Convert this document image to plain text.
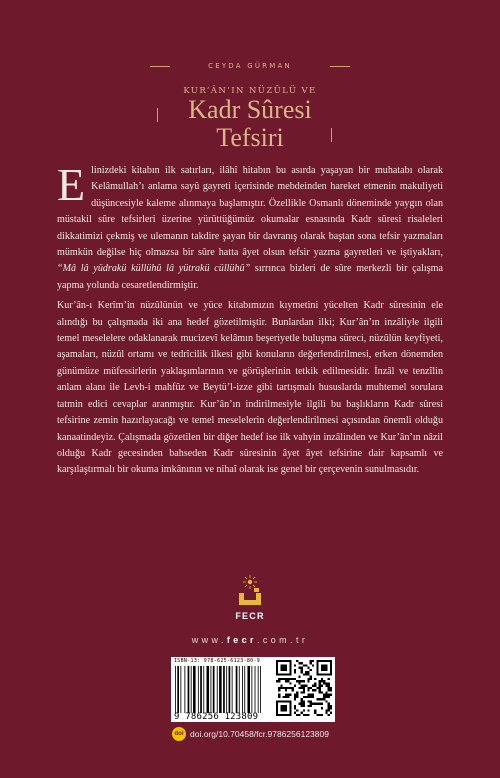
CEYDA GÜRMAN
KUR’ÂN’IN NÜZÛLÜ VE
Kadr Sûresi
Tefsiri

Elinizdeki kitabın ilk satırları, ilâhî hitabın bu asırda yaşayan bir muhatabı olarak Kelâmullah’ı anlama sayû gayreti içerisinde mebdeinden hareket etmenin makuliyeti düşüncesiyle kaleme alınmaya başlamıştır. Özellikle Osmanlı döneminde yaygın olan müstakil sûre tefsirleri üzerine yürüttüğümüz okumalar esnasında Kadr sûresi risaleleri dikkatimizi çekmiş ve ulemanın takdire şayan bir davranış olarak baştan sona tefsir yazmaları mümkün değilse hiç olmazsa bir sûre hatta âyet olsun tefsir yazma gayretleri ve iştiyakları, “Mâ lâ yüdrakü küllühû lâ yütrakü cüllühû” sırrınca bizleri de sûre merkezli bir çalışma yapma yolunda cesaretlendirmiştir.

Kur’ân-ı Kerîm’in nüzûlünün ve yüce kitabımızın kıymetini yücelten Kadr sûresinin ele alındığı bu çalışmada iki ana hedef gözetilmiştir. Bunlardan ilki; Kur’ân’ın inzâliyle ilgili temel meselelere odaklanarak mucizevî kelâmın beşeriyetle buluşma süreci, nüzûlün keyfiyeti, aşamaları, nüzûl ortamı ve tedrîcilik ilkesi gibi konuların değerlendirilmesi, erken dönemden günümüze müfessirlerin yaklaşımlarının ve görüşlerinin tetkik edilmesidir. İnzâl ve tenzîlin anlam alanı ile Levh-i mahfûz ve Beytü’l-izze gibi tartışmalı hususlarda muhtemel sorulara tatmin edici cevaplar aranmıştır. Kur’ân’ın indirilmesiyle ilgili bu başlıkların Kadr sûresi tefsirine zemin hazırlayacağı ve temel meselelerin değerlendirilmesi açısından önemli olduğu kanaatindeyiz. Çalışmada gözetilen bir diğer hedef ise ilk vahyin inzâlinden ve Kur’ân’ın nâzil olduğu Kadr gecesinden bahseden Kadr sûresinin âyet âyet tefsirine dair kapsamlı ve karşılaştırmalı bir okuma imkânının ve nihaî olarak ise genel bir çerçevenin sunulmasıdır.

FECR
www.fecr.com.tr
ISBN-13: 978-625-6123-80-9
9 786256 123809
doi doi.org/10.70458/fcr.9786256123809
